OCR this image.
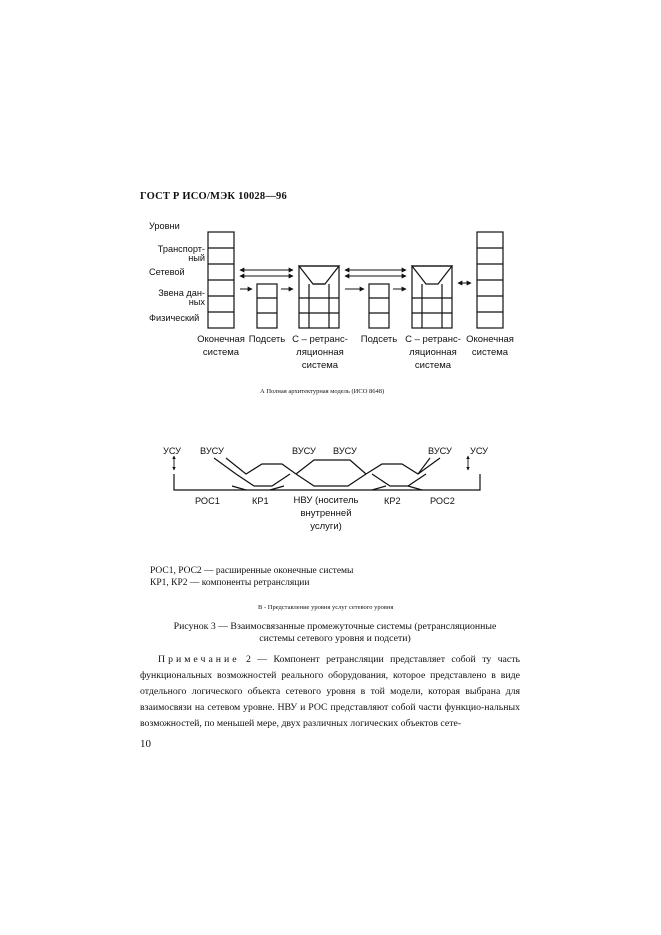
ГОСТ Р ИСО/МЭК 10028—96
Уровни
Транспорт-
ный
Сетевой
Звена дан-
ных
Физический
Оконечная
система
Подсеть С – ретранс-
ляционная
система
Подсеть С – ретранс-
ляционная
система
Оконечная
система
А Полная архитектурная модель (ИСО 8648)
УСУ ВУСУ	ВУСУ ВУСУ	ВУСУ УСУ
РОС1	КР1	НВУ (носитель
внутренней
услуги)
КР2	РОС2
РОС1, РОС2 — расширенные оконечные системы
КР1, КР2 — компоненты ретрансляции
В - Представление уровня услуг сетевого уровня
Рисунок 3 — Взаимосвязанные промежуточные системы (ретрансляционные
системы сетевого уровня и подсети)
Примечание 2 — Компонент ретрансляции представляет собой ту часть функциональных возможностей реального оборудования, которое представлено в виде отдельного логического объекта сетевого уровня в той модели, которая выбрана для взаимосвязи на сетевом уровне. НВУ и РОС представляют собой части функцио-нальных возможностей, по меньшей мере, двух различных логических объектов сете-
10
